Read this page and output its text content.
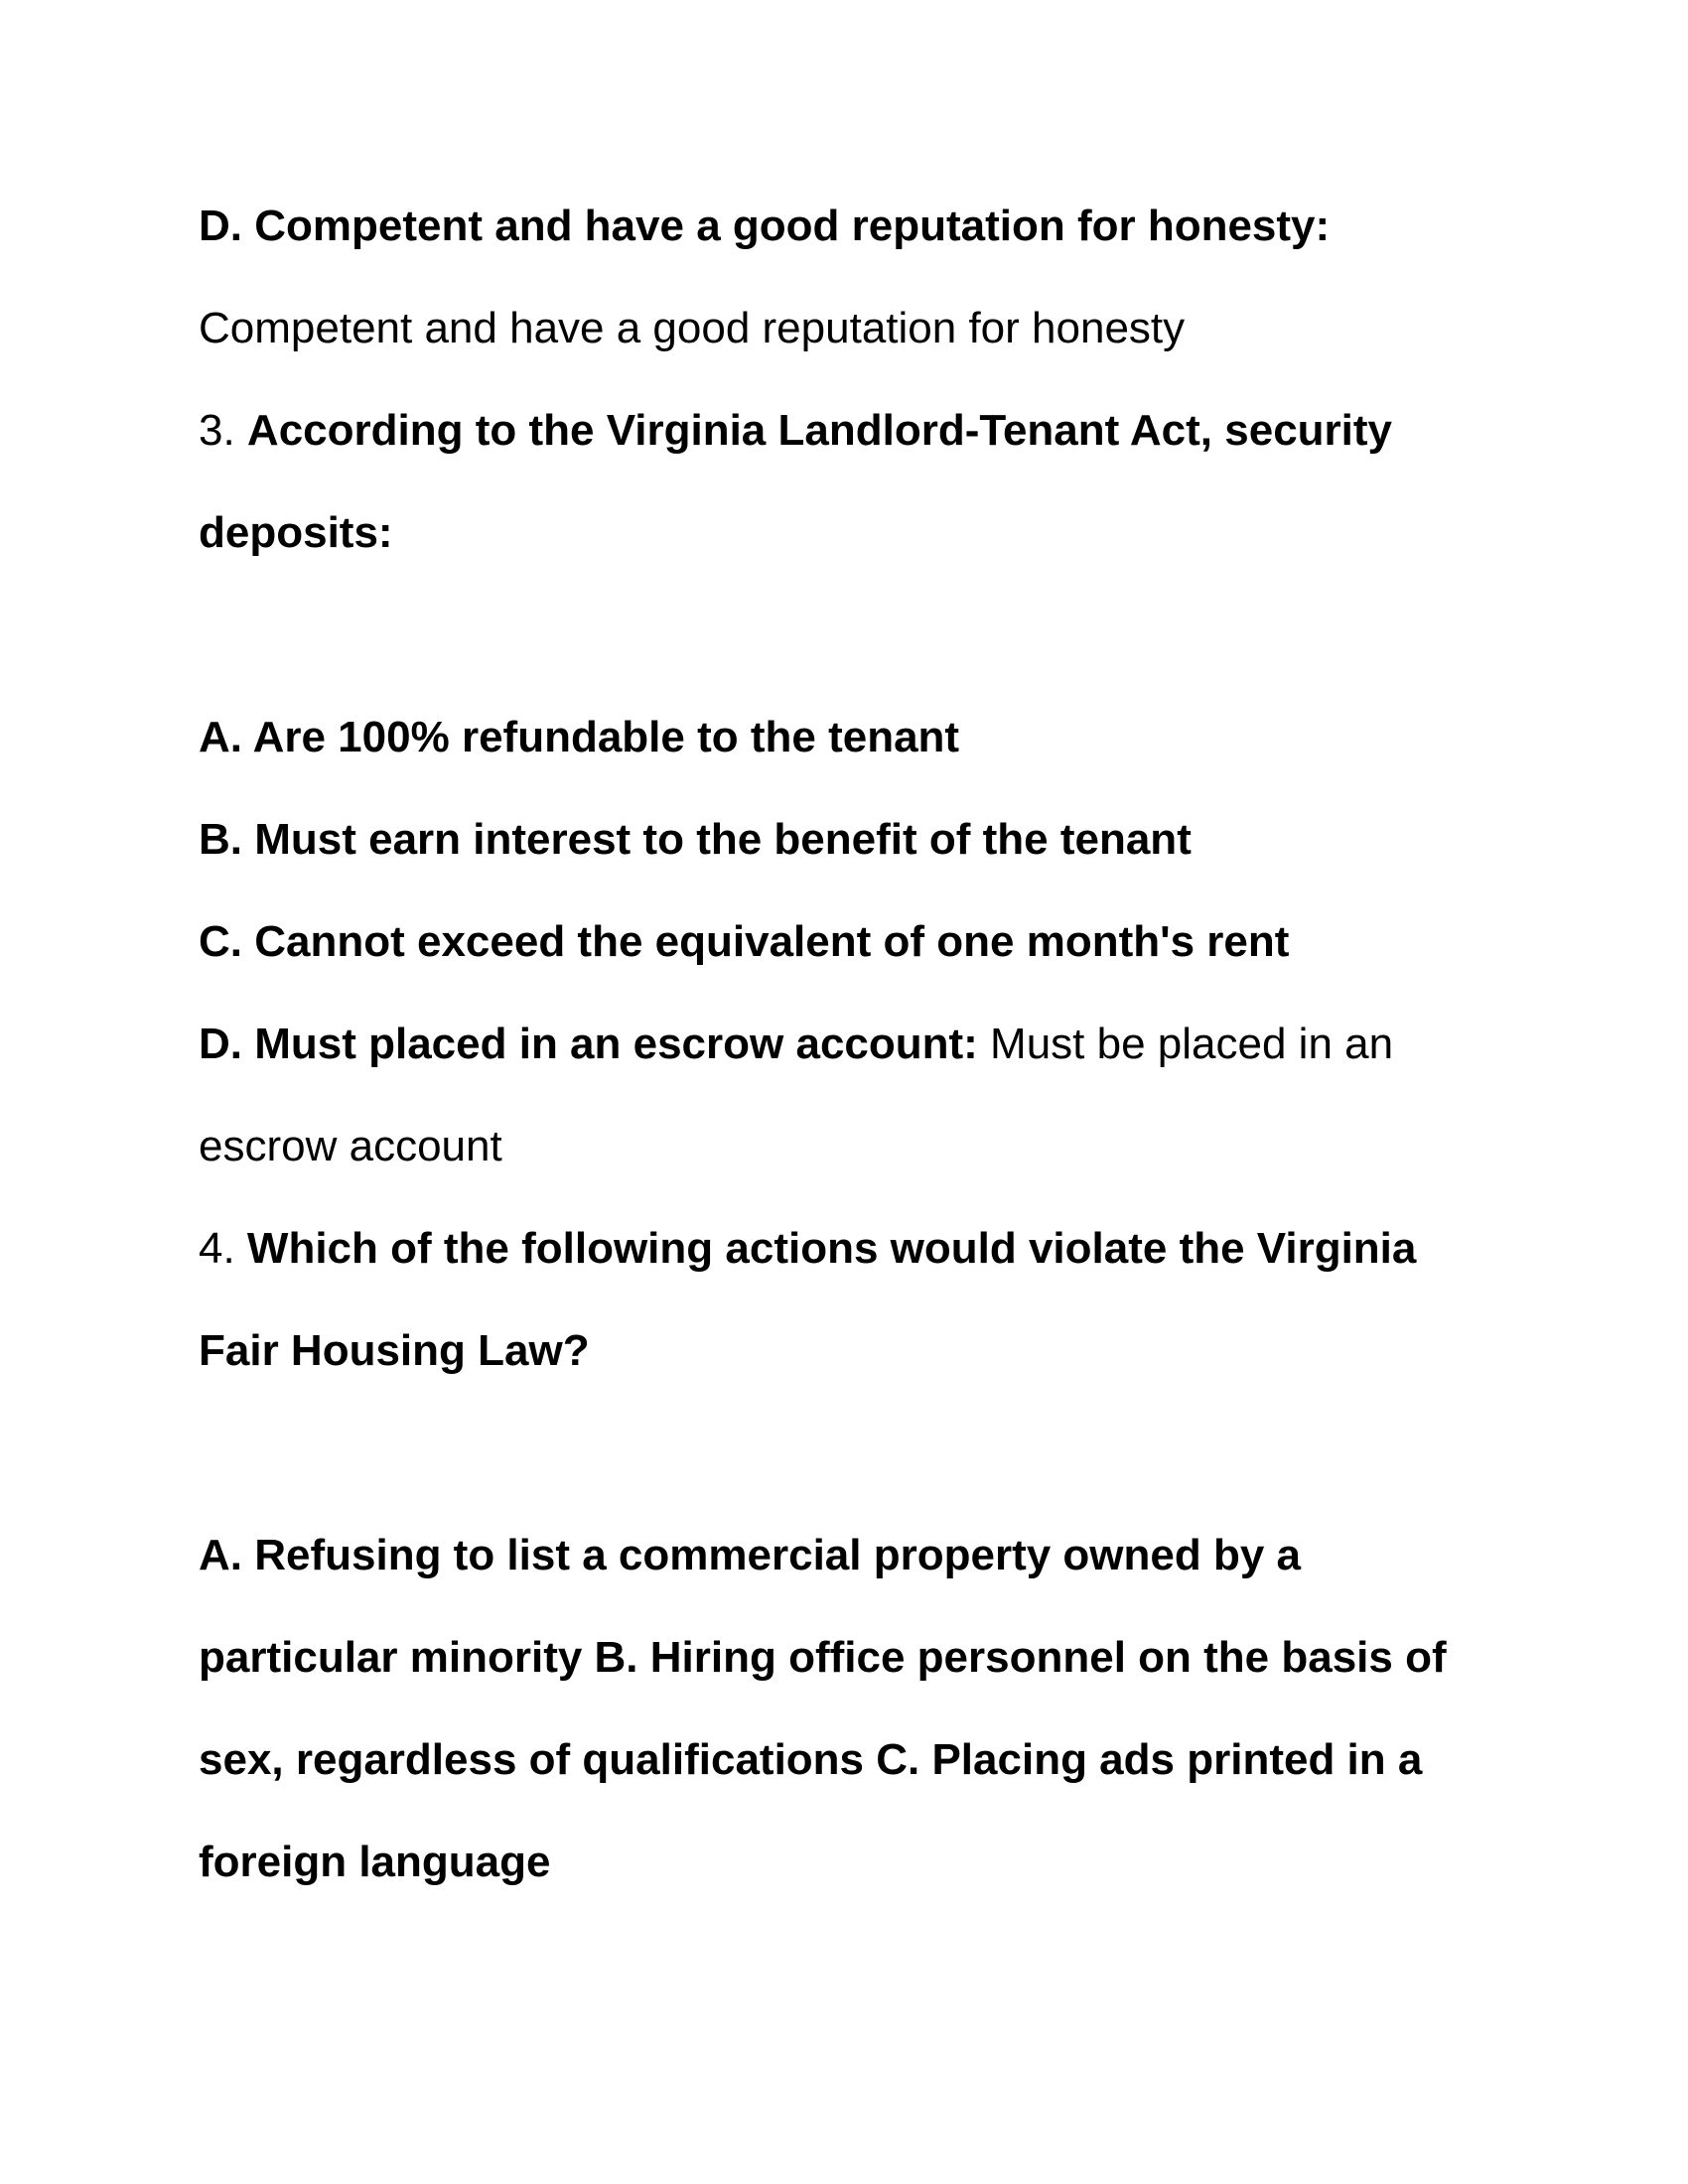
D. Competent and have a good reputation for honesty:
Competent and have a good reputation for honesty
3. According to the Virginia Landlord-Tenant Act, security
deposits:

A. Are 100% refundable to the tenant
B. Must earn interest to the benefit of the tenant
C. Cannot exceed the equivalent of one month's rent
D. Must placed in an escrow account: Must be placed in an
escrow account
4. Which of the following actions would violate the Virginia
Fair Housing Law?

A. Refusing to list a commercial property owned by a
particular minority B. Hiring office personnel on the basis of
sex, regardless of qualifications C. Placing ads printed in a
foreign language
